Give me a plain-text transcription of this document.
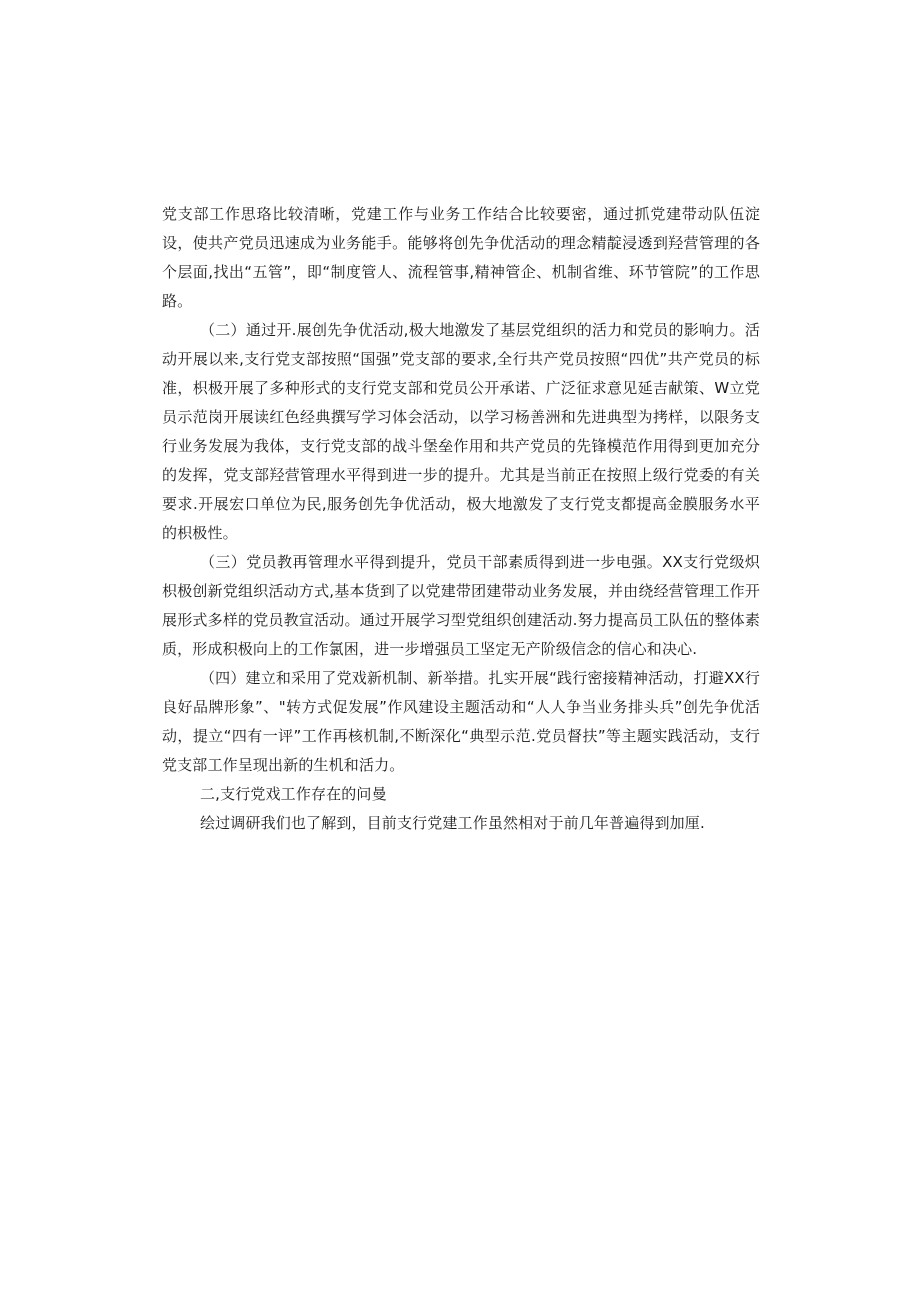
党支部工作思珞比较清晰，党建工作与业务工作结合比较要密，通过抓党建带动队伍淀设，使共产党员迅速成为业务能手。能够将创先争优活动的理念精靛浸透到羟营管理的各个层面,找出“五管”，即“制度管人、流程管事,精神管企、机制省维、环节管院”的工作思路。

（二）通过开.展创先争优活动,极大地激发了基层党组织的活力和党员的影响力。活动开展以来,支行党支部按照“国强”党支部的要求,全行共产党员按照“四优”共产党员的标准，枳极开展了多种形式的支行党支部和党员公开承诺、广泛征求意见延吉献策、W立党员示范岗开展读红色经典撰写学习体会活动，以学习杨善洲和先进典型为拷样，以限务支行业务发展为我体，支行党支部的战斗堡垒作用和共产党员的先锋模范作用得到更加充分的发挥，党支部羟营管理水平得到进一步的提升。尤其是当前正在按照上级行党委的有关要求.开展宏口单位为民,服务创先争优活动，极大地激发了支行党支都提高金膜服务水平的枳极性。

（三）党员教再管理水平得到提升，党员干部素质得到进一步电强。XX支行党级炽枳极创新党组织活动方式,基本货到了以党建带团建带动业务发展，并由绕经营管理工作开展形式多样的党员教宣活动。通过开展学习型党组织创建活动.努力提高员工队伍的整体素质，形成积极向上的工作氯困，进一步增强员工坚定无产阶级信念的信心和决心.

（四）建立和采用了党戏新机制、新举措。扎实开展“践行密接精神活动，打避XX行良好品牌形象”、"转方式促发展”作风建设主题活动和“人人争当业务排头兵”创先争优活动，提立“四有一评”工作再核机制,不断深化“典型示范.党员督扶”等主题实践活动，支行党支部工作呈现出新的生机和活力。

二,支行党戏工作存在的问曼

绘过调研我们也了解到，目前支行党建工作虽然相对于前几年普遍得到加厘.
